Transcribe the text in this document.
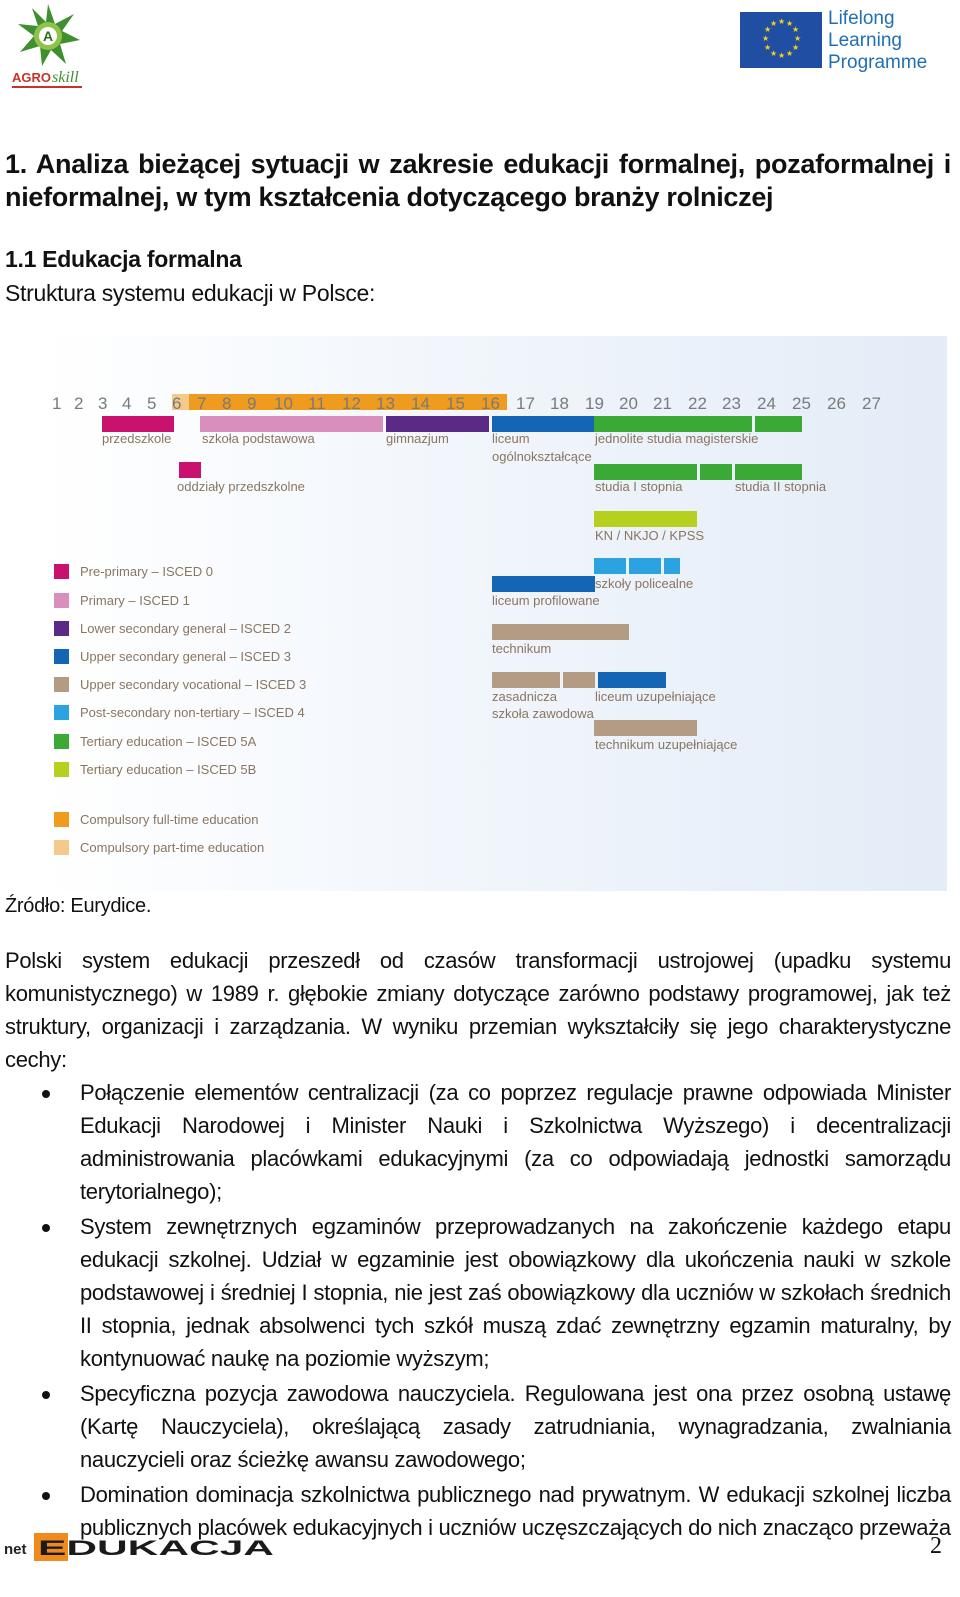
A
AGRO skill
★ ★
★
★
★
★
★
★
★
★
★
★	Lifelong
Learning
Programme
1. Analiza bieżącej sytuacji w zakresie edukacji formalnej, pozaformalnej i nieformalnej, w tym kształcenia dotyczącego branży rolniczej
1.1 Edukacja formalna
Struktura systemu edukacji w Polsce:
1 2 3 4 5 6 7 8 9 10 11 12 13 14 15 16 17 18 19 20 21 22 23 24 25 26 27
przedszkole szkoła podstawowa	gimnazjum	liceum
ogólnokształcące
jednolite studia magisterskie
oddziały przedszkolne	studia I stopnia	studia II stopnia
KN / NKJO / KPSS
szkoły policealne
liceum profilowane
technikum
zasadnicza
szkoła zawodowa
liceum uzupełniające
technikum uzupełniające
Pre-primary – ISCED 0
Primary – ISCED 1
Lower secondary general – ISCED 2
Upper secondary general – ISCED 3
Upper secondary vocational – ISCED 3
Post-secondary non-tertiary – ISCED 4
Tertiary education – ISCED 5A
Tertiary education – ISCED 5B
Compulsory full-time education
Compulsory part-time education
Źródło: Eurydice.
Polski system edukacji przeszedł od czasów transformacji ustrojowej (upadku systemu komunistycznego) w 1989 r. głębokie zmiany dotyczące zarówno podstawy programowej, jak też struktury, organizacji i zarządzania. W wyniku przemian wykształciły się jego charakterystyczne cechy:
Połączenie elementów centralizacji (za co poprzez regulacje prawne odpowiada Minister Edukacji Narodowej i Minister Nauki i Szkolnictwa Wyższego) i decentralizacji administrowania placówkami edukacyjnymi (za co odpowiadają jednostki samorządu terytorialnego);
System zewnętrznych egzaminów przeprowadzanych na zakończenie każdego etapu edukacji szkolnej. Udział w egzaminie jest obowiązkowy dla ukończenia nauki w szkole podstawowej i średniej I stopnia, nie jest zaś obowiązkowy dla uczniów w szkołach średnich II stopnia, jednak absolwenci tych szkół muszą zdać zewnętrzny egzamin maturalny, by kontynuować naukę na poziomie wyższym;
Specyficzna pozycja zawodowa nauczyciela. Regulowana jest ona przez osobną ustawę (Kartę Nauczyciela), określającą zasady zatrudniania, wynagradzania, zwalniania nauczycieli oraz ścieżkę awansu zawodowego;
Domination dominacja szkolnictwa publicznego nad prywatnym. W edukacji szkolnej liczba publicznych placówek edukacyjnych i uczniów uczęszczających do nich znacząco przeważa
net EDUKACJA	2
